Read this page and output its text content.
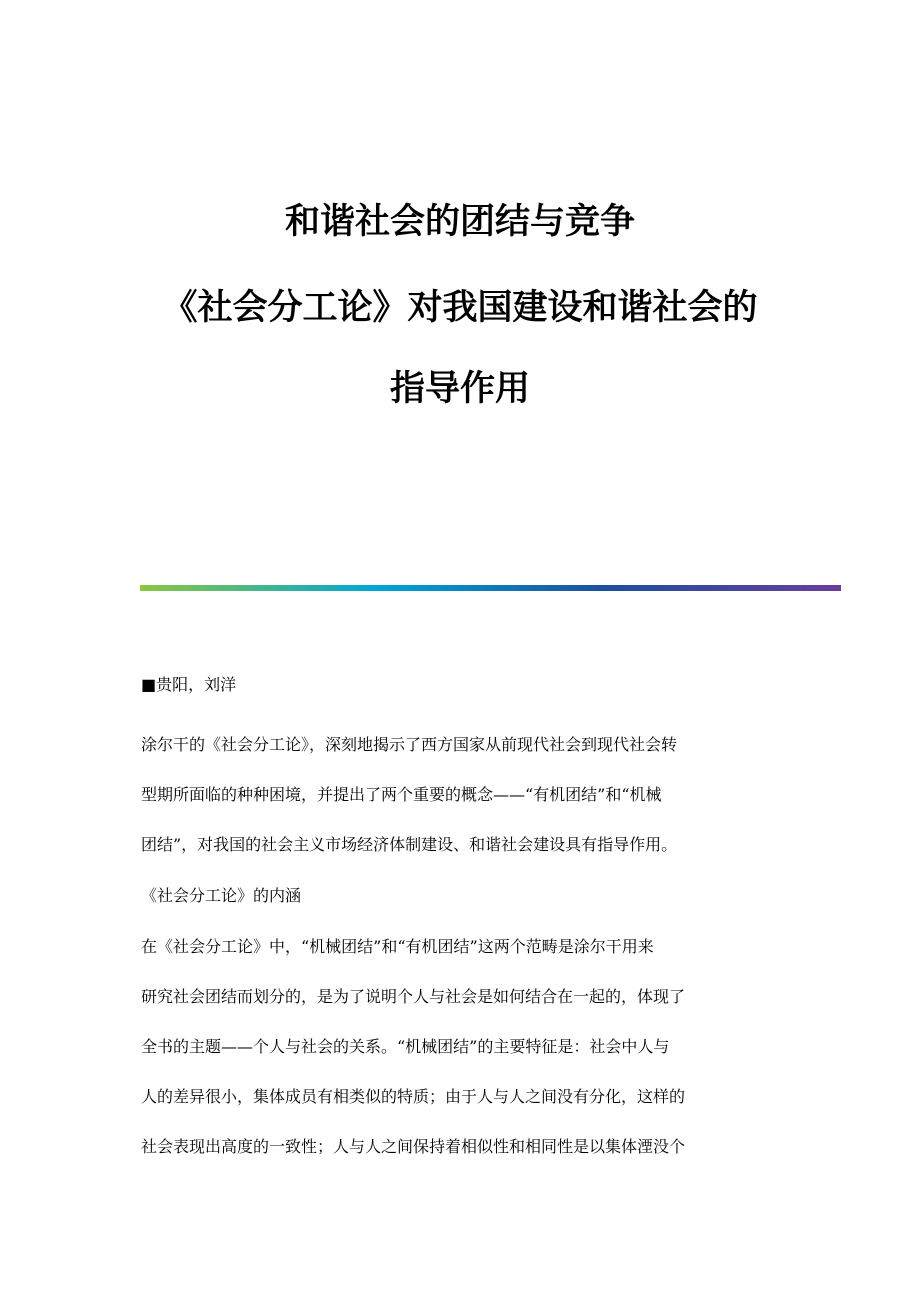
和谐社会的团结与竞争
《社会分工论》对我国建设和谐社会的
指导作用
■贵阳，刘洋
涂尔干的《社会分工论》，深刻地揭示了西方国家从前现代社会到现代社会转
型期所面临的种种困境，并提出了两个重要的概念——“有机团结”和“机械
团结”，对我国的社会主义市场经济体制建设、和谐社会建设具有指导作用。
《社会分工论》的内涵
在《社会分工论》中，“机械团结”和“有机团结”这两个范畴是涂尔干用来
研究社会团结而划分的，是为了说明个人与社会是如何结合在一起的，体现了
全书的主题——个人与社会的关系。“机械团结”的主要特征是：社会中人与
人的差异很小，集体成员有相类似的特质；由于人与人之间没有分化，这样的
社会表现出高度的一致性；人与人之间保持着相似性和相同性是以集体湮没个
